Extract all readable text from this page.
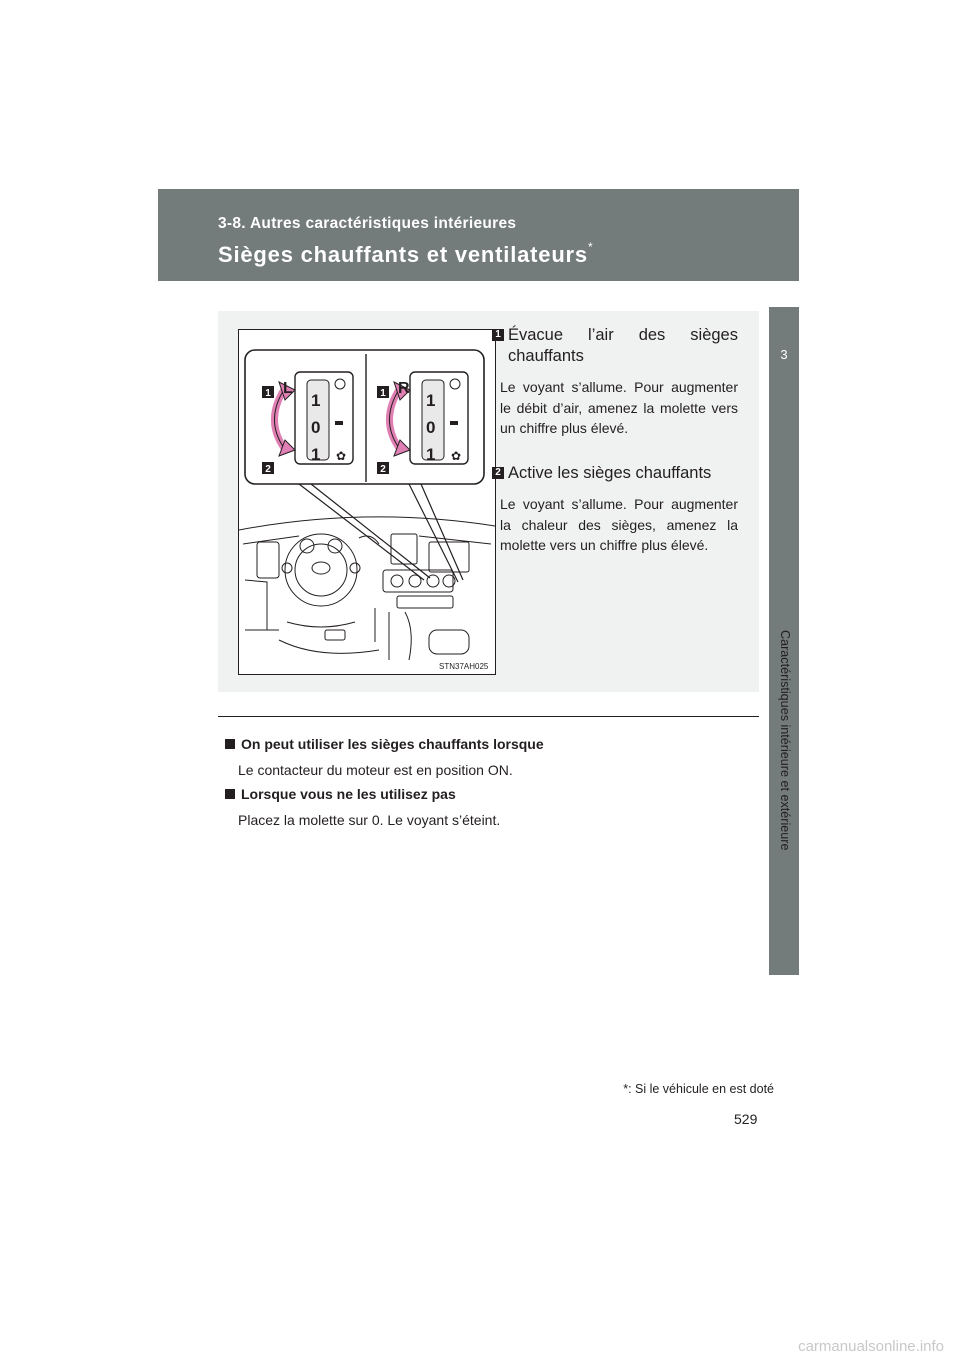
3-8. Autres caractéristiques intérieures
Sièges chauffants et ventilateurs*
3
Caractéristiques intérieure et extérieure
✿
1
2
L
1
0
1	✿
1
2
R
1
0
1
STN37AH025
1 Évacue l’air des sièges chauffants
Le voyant s’allume. Pour augmenter le débit d’air, amenez la molette vers un chiffre plus élevé.
2 Active les sièges chauffants
Le voyant s’allume. Pour augmenter la chaleur des sièges, amenez la molette vers un chiffre plus élevé.
On peut utiliser les sièges chauffants lorsque
Le contacteur du moteur est en position ON.
Lorsque vous ne les utilisez pas
Placez la molette sur 0. Le voyant s’éteint.
*: Si le véhicule en est doté
529
carmanualsonline.info
